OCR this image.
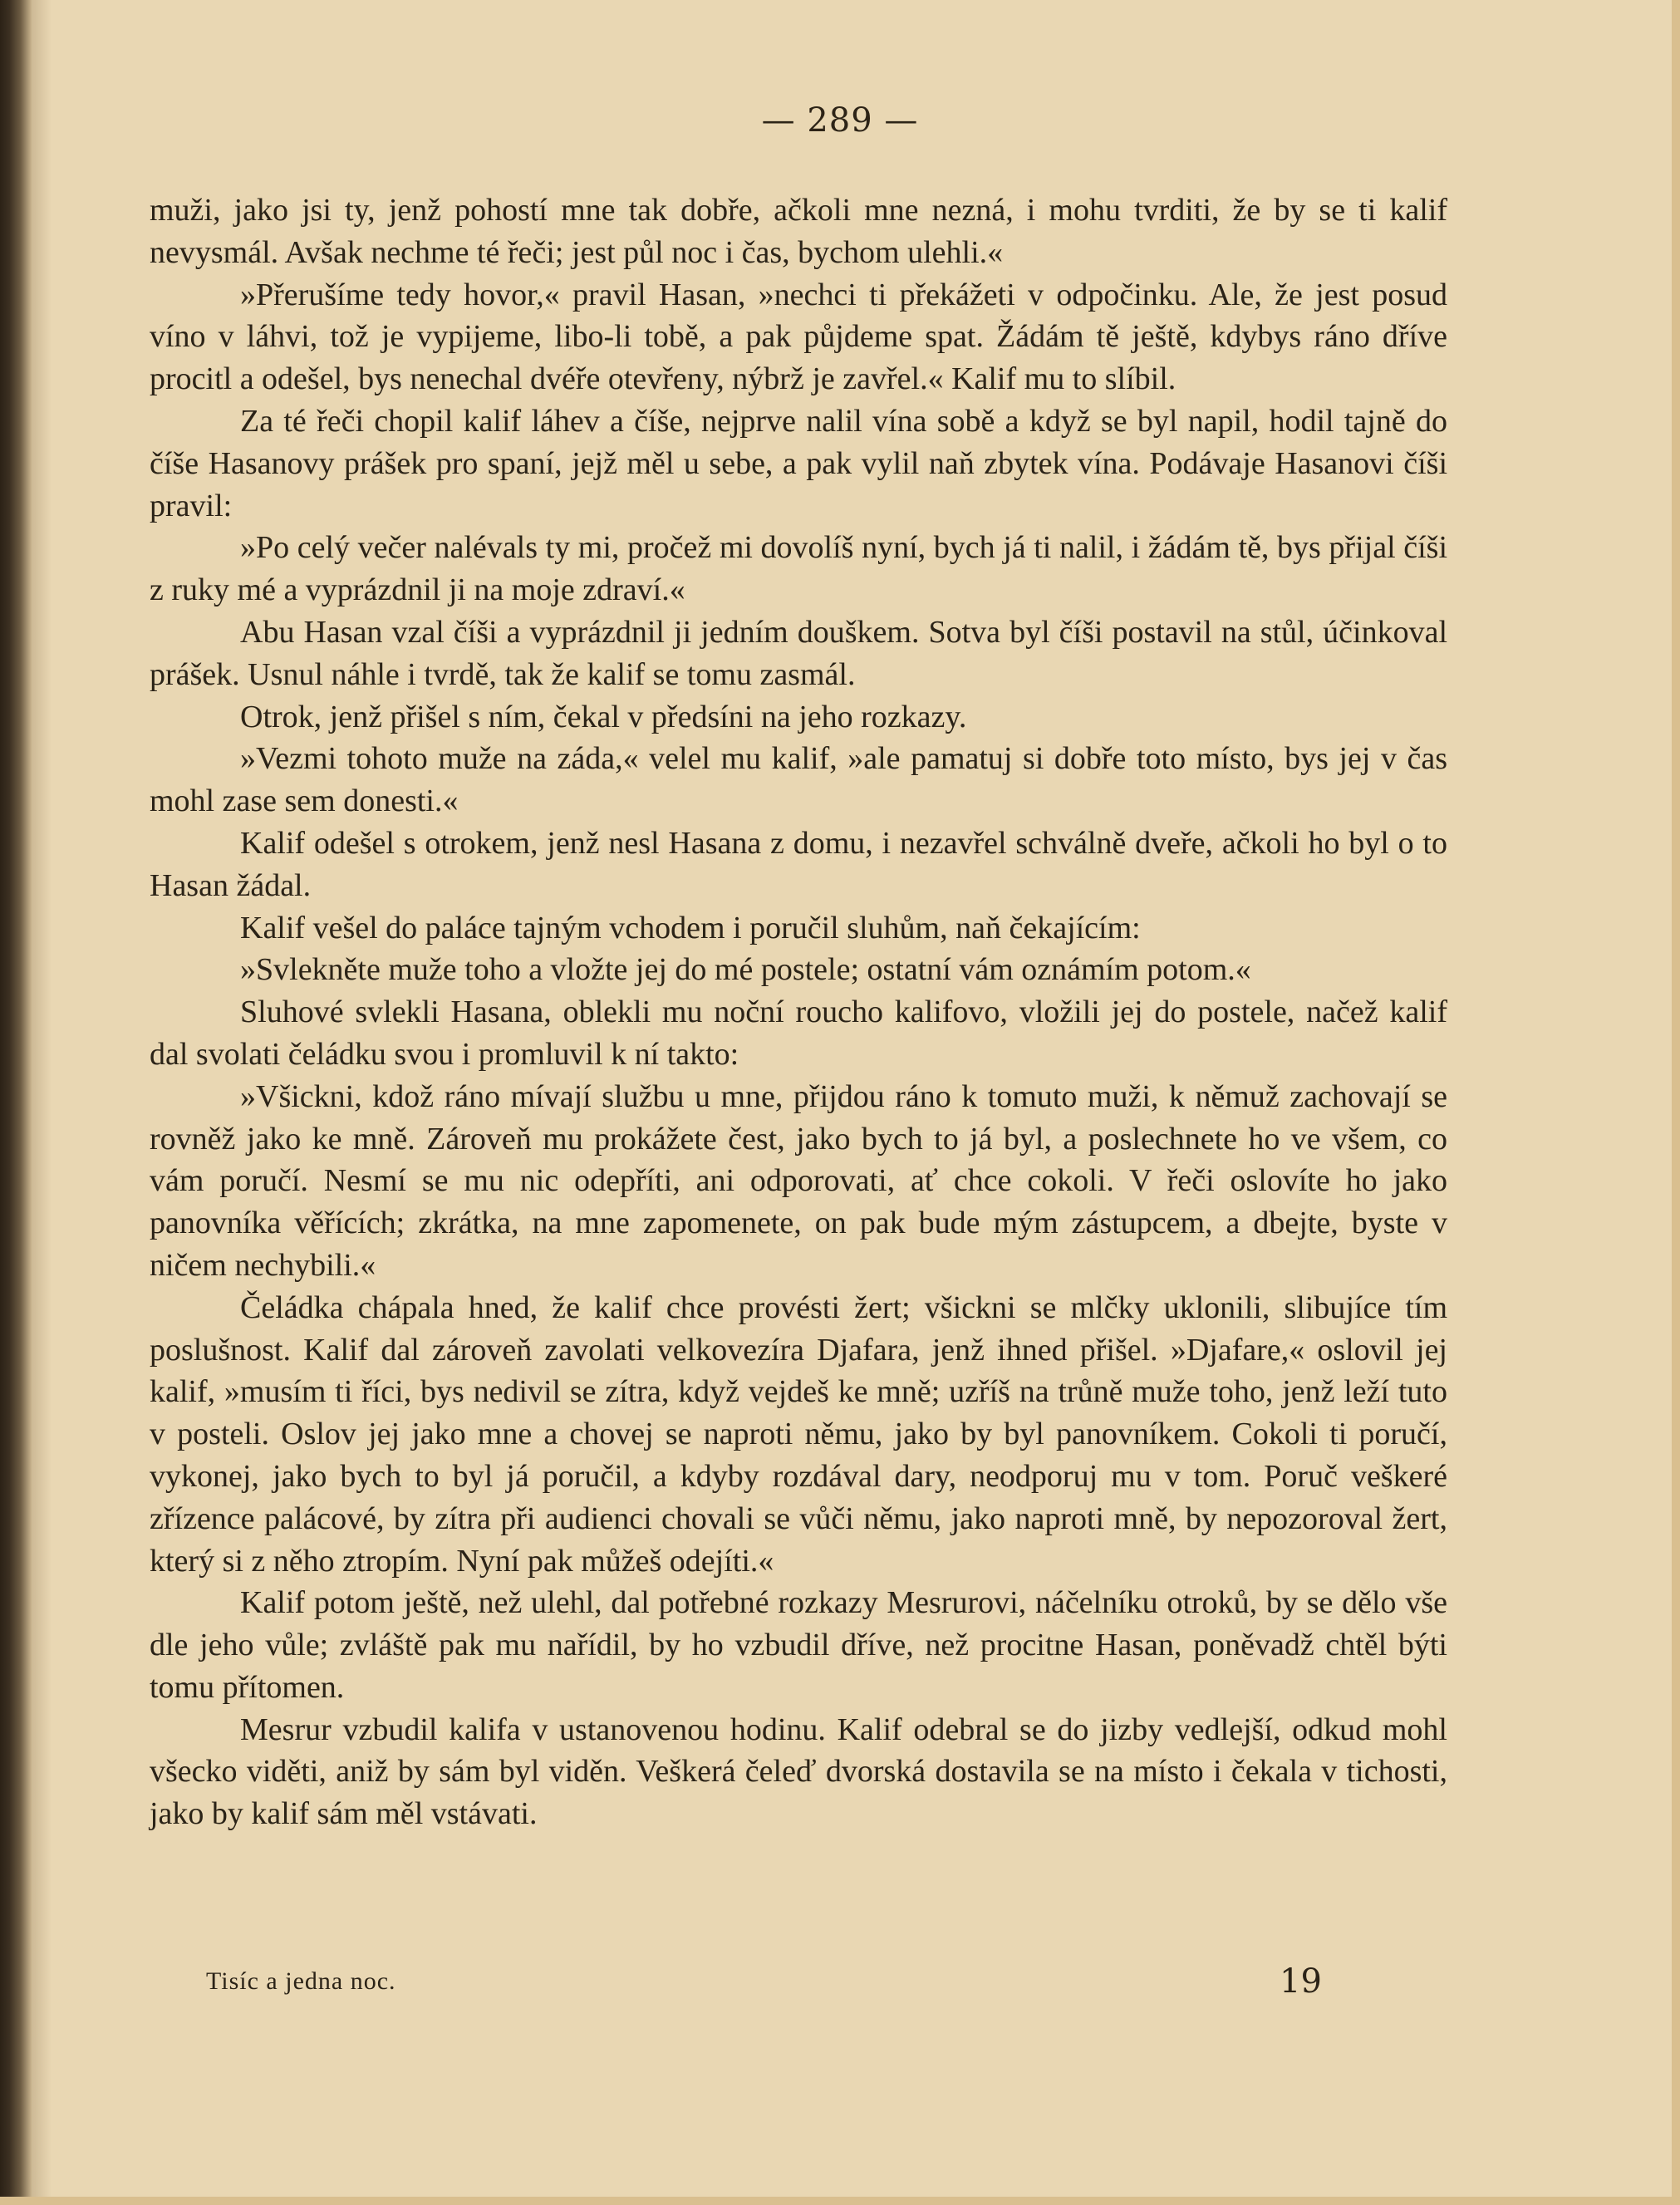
— 289 —

muži, jako jsi ty, jenž pohostí mne tak dobře, ačkoli mne nezná, i mohu tvrditi, že by se ti kalif nevysmál. Avšak nechme té řeči; jest půl noc i čas, bychom ulehli.«

»Přerušíme tedy hovor,« pravil Hasan, »nechci ti překážeti v odpočinku. Ale, že jest posud víno v láhvi, tož je vypijeme, libo-li tobě, a pak půjdeme spat. Žádám tě ještě, kdybys ráno dříve procitl a odešel, bys nenechal dvéře otevřeny, nýbrž je zavřel.« Kalif mu to slíbil.

Za té řeči chopil kalif láhev a číše, nejprve nalil vína sobě a když se byl napil, hodil tajně do číše Hasanovy prášek pro spaní, jejž měl u sebe, a pak vylil naň zbytek vína. Podávaje Hasanovi číši pravil:

»Po celý večer nalévals ty mi, pročež mi dovolíš nyní, bych já ti nalil, i žádám tě, bys přijal číši z ruky mé a vyprázdnil ji na moje zdraví.«

Abu Hasan vzal číši a vyprázdnil ji jedním douškem. Sotva byl číši postavil na stůl, účinkoval prášek. Usnul náhle i tvrdě, tak že kalif se tomu zasmál.

Otrok, jenž přišel s ním, čekal v předsíni na jeho rozkazy.

»Vezmi tohoto muže na záda,« velel mu kalif, »ale pamatuj si dobře toto místo, bys jej v čas mohl zase sem donesti.«

Kalif odešel s otrokem, jenž nesl Hasana z domu, i nezavřel schválně dveře, ačkoli ho byl o to Hasan žádal.

Kalif vešel do paláce tajným vchodem i poručil sluhům, naň čekajícím:

»Svlekněte muže toho a vložte jej do mé postele; ostatní vám oznámím potom.«

Sluhové svlekli Hasana, oblekli mu noční roucho kalifovo, vložili jej do postele, načež kalif dal svolati čeládku svou i promluvil k ní takto:

»Všickni, kdož ráno mívají službu u mne, přijdou ráno k tomuto muži, k němuž zachovají se rovněž jako ke mně. Zároveň mu prokážete čest, jako bych to já byl, a poslechnete ho ve všem, co vám poručí. Nesmí se mu nic odepříti, ani odporovati, ať chce cokoli. V řeči oslovíte ho jako panovníka věřících; zkrátka, na mne zapomenete, on pak bude mým zástupcem, a dbejte, byste v ničem nechybili.«

Čeládka chápala hned, že kalif chce provésti žert; všickni se mlčky uklonili, slibujíce tím poslušnost. Kalif dal zároveň zavolati velkovezíra Djafara, jenž ihned přišel. »Djafare,« oslovil jej kalif, »musím ti říci, bys nedivil se zítra, když vejdeš ke mně; uzříš na trůně muže toho, jenž leží tuto v posteli. Oslov jej jako mne a chovej se naproti němu, jako by byl panovníkem. Cokoli ti poručí, vykonej, jako bych to byl já poručil, a kdyby rozdával dary, neodporuj mu v tom. Poruč veškeré zřízence palácové, by zítra při audienci chovali se vůči němu, jako naproti mně, by nepozoroval žert, který si z něho ztropím. Nyní pak můžeš odejíti.«

Kalif potom ještě, než ulehl, dal potřebné rozkazy Mesrurovi, náčelníku otroků, by se dělo vše dle jeho vůle; zvláště pak mu nařídil, by ho vzbudil dříve, než procitne Hasan, poněvadž chtěl býti tomu přítomen.

Mesrur vzbudil kalifa v ustanovenou hodinu. Kalif odebral se do jizby vedlejší, odkud mohl všecko viděti, aniž by sám byl viděn. Veškerá čeleď dvorská dostavila se na místo i čekala v tichosti, jako by kalif sám měl vstávati.

Tisíc a jedna noc.	19
